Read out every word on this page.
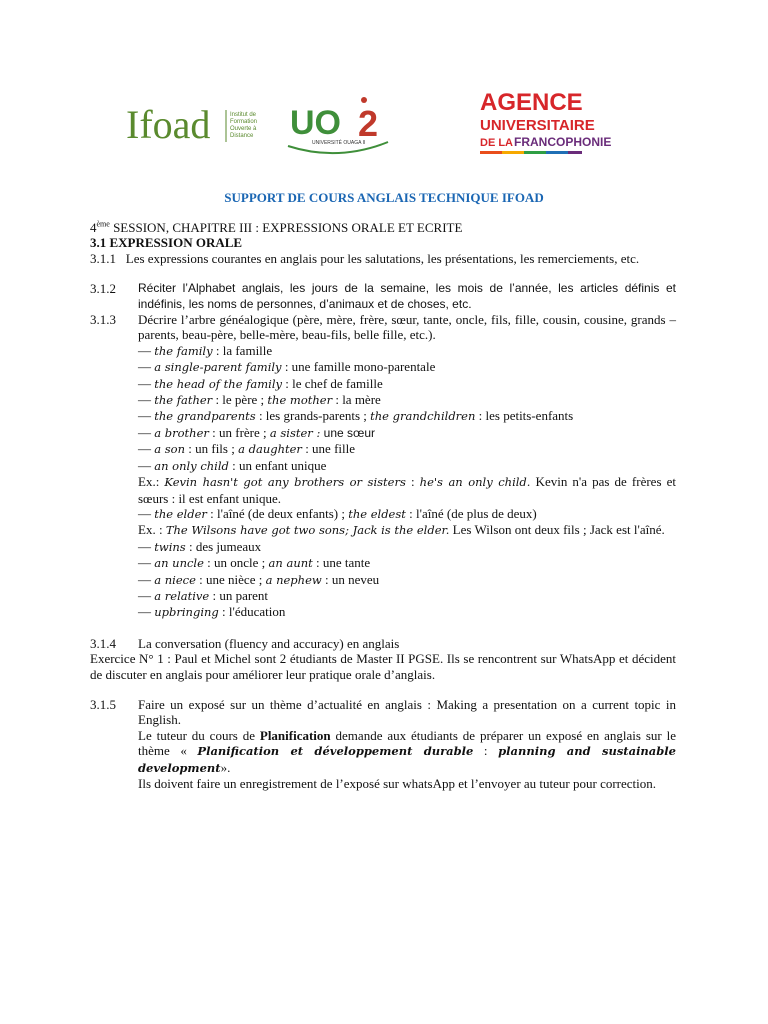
Ifoad	Institut de
Formation
Ouverte à
Distance UO 2
UNIVERSITÉ OUAGA II
AGENCE
UNIVERSITAIRE
DE LA FRANCOPHONIE
SUPPORT DE COURS ANGLAIS TECHNIQUE IFOAD

4ème SESSION, CHAPITRE III : EXPRESSIONS ORALE ET ECRITE

3.1 EXPRESSION ORALE

3.1.1 Les expressions courantes en anglais pour les salutations, les présentations, les remerciements, etc.

3.1.2	Réciter l’Alphabet anglais, les jours de la semaine, les mois de l’année, les articles définis et indéfinis, les noms de personnes, d’animaux et de choses, etc.
3.1.3	Décrire l’arbre généalogique (père, mère, frère, sœur, tante, oncle, fils, fille, cousin, cousine, grands – parents, beau-père, belle-mère, beau-fils, belle fille, etc.).
— the family : la famille
— a single-parent family : une famille mono-parentale
— the head of the family : le chef de famille
— the father : le père ; the mother : la mère
— the grandparents : les grands-parents ; the grandchildren : les petits-enfants
— a brother : un frère ; a sister : une sœur
— a son : un fils ; a daughter : une fille
— an only child : un enfant unique
Ex.: Kevin hasn't got any brothers or sisters : he's an only child. Kevin n'a pas de frères et sœurs : il est enfant unique.
— the elder : l'aîné (de deux enfants) ; the eldest : l'aîné (de plus de deux)
Ex. : The Wilsons have got two sons; Jack is the elder. Les Wilson ont deux fils ; Jack est l'aîné.
— twins : des jumeaux
— an uncle : un oncle ; an aunt : une tante
— a niece : une nièce ; a nephew : un neveu
— a relative : un parent
— upbringing : l'éducation
3.1.4	La conversation (fluency and accuracy) en anglais

Exercice N° 1 : Paul et Michel sont 2 étudiants de Master II PGSE. Ils se rencontrent sur WhatsApp et décident de discuter en anglais pour améliorer leur pratique orale d’anglais.

3.1.5	Faire un exposé sur un thème d’actualité en anglais : Making a presentation on a current topic in English.
Le tuteur du cours de Planification demande aux étudiants de préparer un exposé en anglais sur le thème « Planification et développement durable : planning and sustainable development».
Ils doivent faire un enregistrement de l’exposé sur whatsApp et l’envoyer au tuteur pour correction.
